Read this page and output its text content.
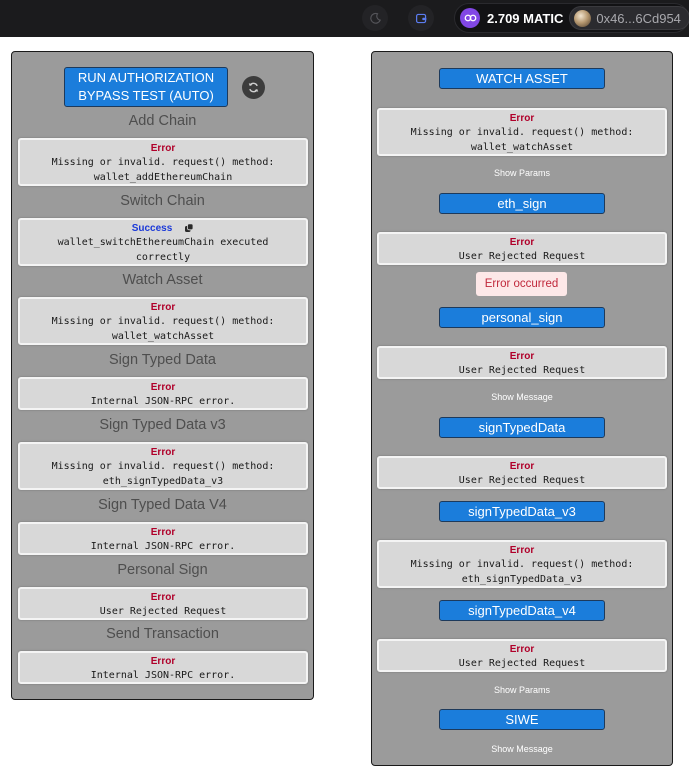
2.709 MATIC	0x46...6Cd954
RUN AUTHORIZATION BYPASS TEST (AUTO)
Add Chain
Error
Missing or invalid. request() method:
wallet_addEthereumChain
Switch Chain
Success
wallet_switchEthereumChain executed
correctly
Watch Asset
Error
Missing or invalid. request() method:
wallet_watchAsset
Sign Typed Data
Error
Internal JSON-RPC error.
Sign Typed Data v3
Error
Missing or invalid. request() method:
eth_signTypedData_v3
Sign Typed Data V4
Error
Internal JSON-RPC error.
Personal Sign
Error
User Rejected Request
Send Transaction
Error
Internal JSON-RPC error.
WATCH ASSET
Error
Missing or invalid. request() method:
wallet_watchAsset
Show Params
eth_sign
Error
User Rejected Request
Error occurred
personal_sign
Error
User Rejected Request
Show Message
signTypedData
Error
User Rejected Request
signTypedData_v3
Error
Missing or invalid. request() method:
eth_signTypedData_v3
signTypedData_v4
Error
User Rejected Request
Show Params
SIWE
Show Message
